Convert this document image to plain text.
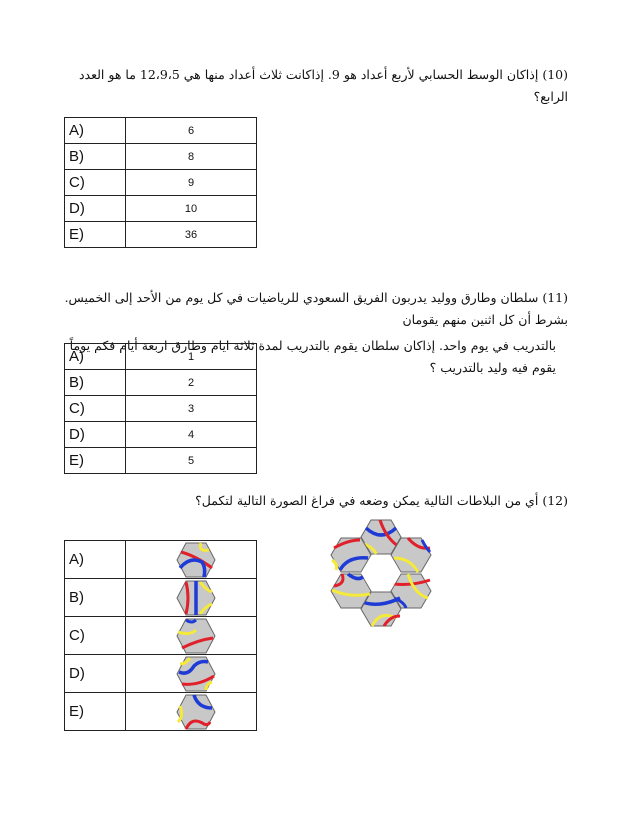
(10) إذاكان الوسط الحسابي لأربع أعداد هو 9. إذاكانت ثلاث أعداد منها هي 12،9،5 ما هو العدد الرابع؟
A)	6
B)	8
C)	9
D)	10
E)	36
(11) سلطان وطارق ووليد يدربون الفريق السعودي للرياضيات في كل يوم من الأحد إلى الخميس. بشرط أن كل اثنين منهم يقومان
بالتدريب في يوم واحد. إذاكان سلطان يقوم بالتدريب لمدة ثلاثة ايام وطارق اربعة أيام فكم يوماً يقوم فيه وليد بالتدريب ؟
A)	1
B)	2
C)	3
D)	4
E)	5
(12) أي من البلاطات التالية يمكن وضعه في فراغ الصورة التالية لتكمل؟
A)	

B)	

C)	

D)	

E)	
